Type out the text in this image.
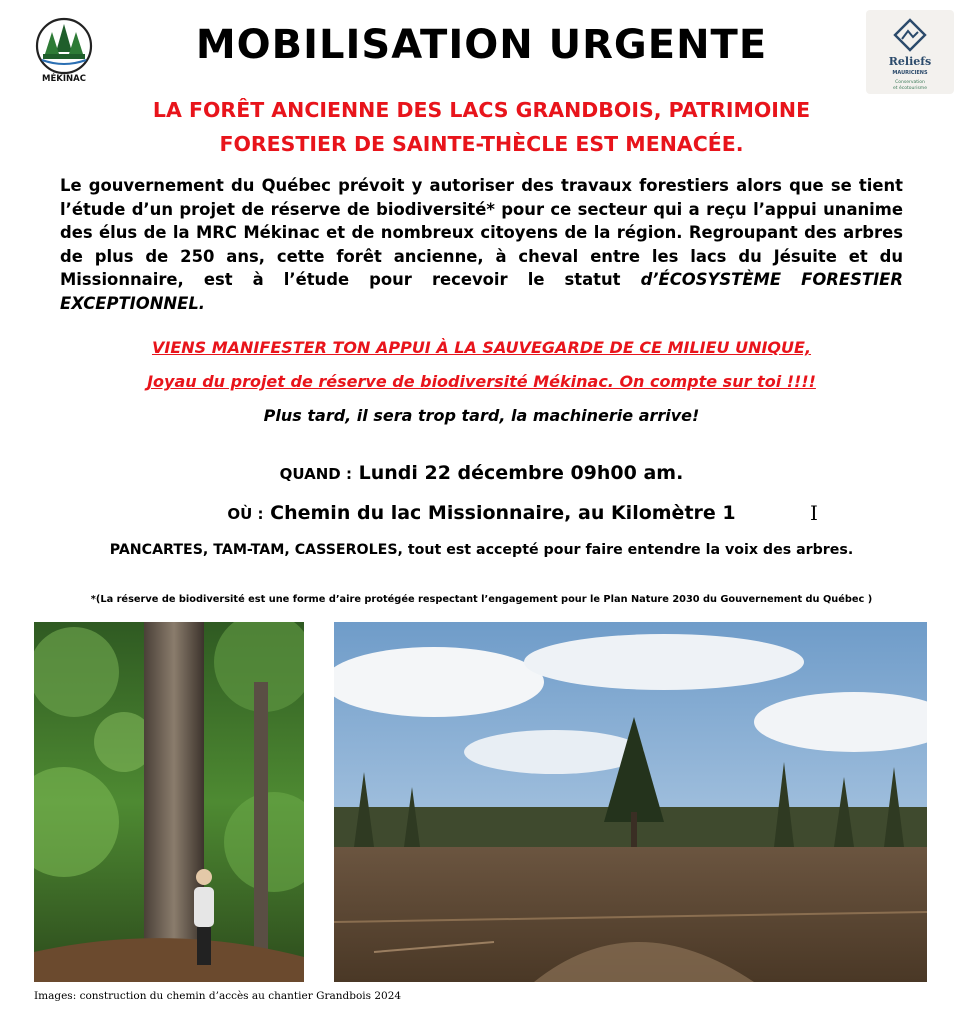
MÉKINAC
MOBILISATION URGENTE	Reliefs
MAURICIENS
Conservation
et écotourisme
LA FORÊT ANCIENNE DES LACS GRANDBOIS, PATRIMOINE
FORESTIER DE SAINTE-THÈCLE EST MENACÉE.
Le gouvernement du Québec prévoit y autoriser des travaux forestiers alors que se tient l’étude d’un projet de réserve de biodiversité* pour ce secteur qui a reçu l’appui unanime des élus de la MRC Mékinac et de nombreux citoyens de la région. Regroupant des arbres de plus de 250 ans, cette forêt ancienne, à cheval entre les lacs du Jésuite et du Missionnaire, est à l’étude pour recevoir le statut d’ÉCOSYSTÈME FORESTIER EXCEPTIONNEL.
VIENS MANIFESTER TON APPUI À LA SAUVEGARDE DE CE MILIEU UNIQUE,
Joyau du projet de réserve de biodiversité Mékinac. On compte sur toi !!!!
Plus tard, il sera trop tard, la machinerie arrive!
QUAND : Lundi 22 décembre 09h00 am.
OÙ : Chemin du lac Missionnaire, au Kilomètre 1	I
PANCARTES, TAM-TAM, CASSEROLES, tout est accepté pour faire entendre la voix des arbres.
*(La réserve de biodiversité est une forme d’aire protégée respectant l’engagement pour le Plan Nature 2030 du Gouvernement du Québec )
Images: construction du chemin d’accès au chantier Grandbois 2024
